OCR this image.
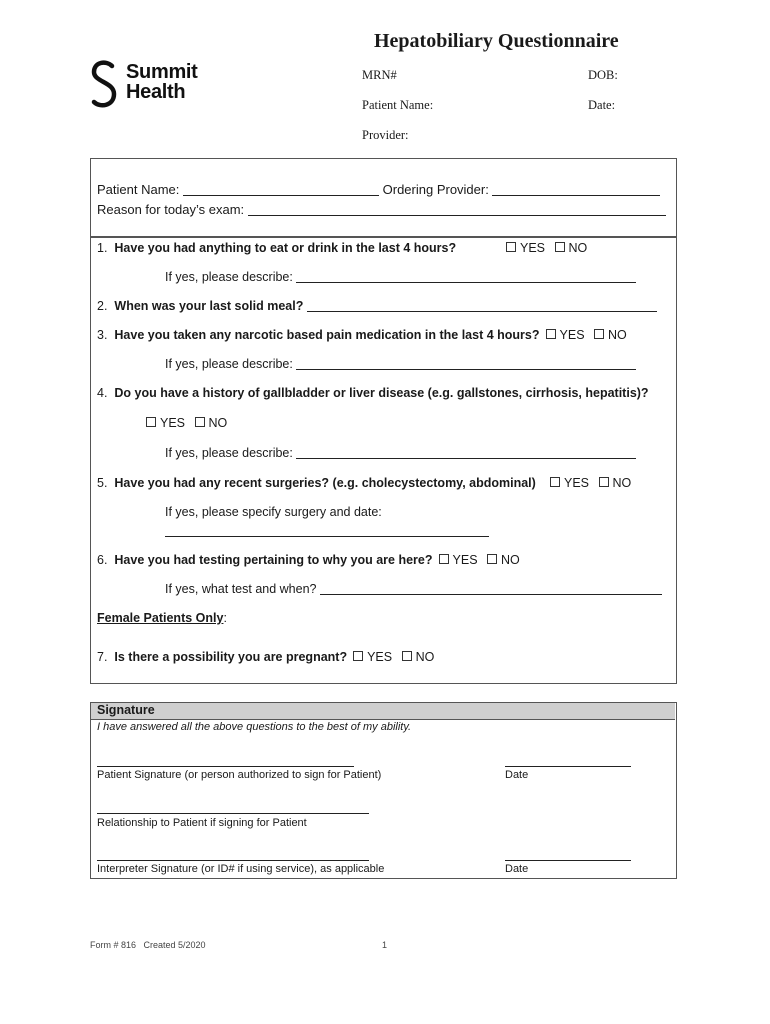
Summit
Health
Hepatobiliary Questionnaire
MRN#	DOB:
Patient Name:	Date:
Provider:
Patient Name:	Ordering Provider:
Reason for today’s exam:
1. Have you had anything to eat or drink in the last 4 hours?	YES NO
If yes, please describe:
2. When was your last solid meal?
3. Have you taken any narcotic based pain medication in the last 4 hours? YES NO
If yes, please describe:
4. Do you have a history of gallbladder or liver disease (e.g. gallstones, cirrhosis, hepatitis)?
YES NO
If yes, please describe:
5. Have you had any recent surgeries? (e.g. cholecystectomy, abdominal)	YES NO
If yes, please specify surgery and date:
6. Have you had testing pertaining to why you are here? YES NO
If yes, what test and when?
Female Patients Only:
7. Is there a possibility you are pregnant? YES NO
Signature
I have answered all the above questions to the best of my ability.
Patient Signature (or person authorized to sign for Patient)	Date
Relationship to Patient if signing for Patient
Interpreter Signature (or ID# if using service), as applicable	Date
Form # 816   Created 5/2020	1
